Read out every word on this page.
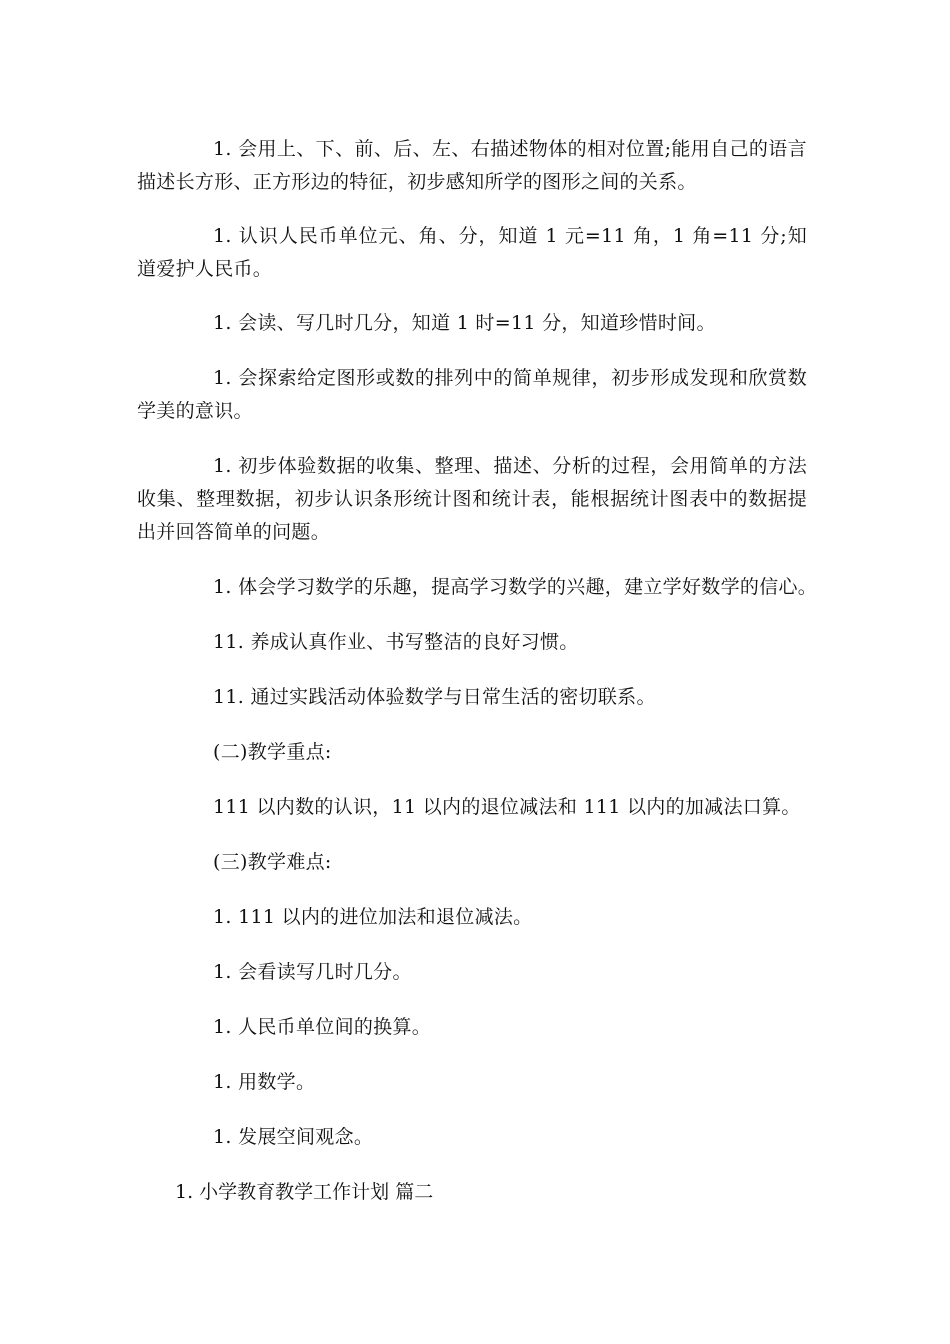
1. 会用上、下、前、后、左、右描述物体的相对位置;能用自己的语言描述长方形、正方形边的特征，初步感知所学的图形之间的关系。

1. 认识人民币单位元、角、分，知道 1 元=11 角，1 角=11 分;知道爱护人民币。

1. 会读、写几时几分，知道 1 时=11 分，知道珍惜时间。

1. 会探索给定图形或数的排列中的简单规律，初步形成发现和欣赏数学美的意识。

1. 初步体验数据的收集、整理、描述、分析的过程，会用简单的方法收集、整理数据，初步认识条形统计图和统计表，能根据统计图表中的数据提出并回答简单的问题。

1. 体会学习数学的乐趣，提高学习数学的兴趣，建立学好数学的信心。

11. 养成认真作业、书写整洁的良好习惯。

11. 通过实践活动体验数学与日常生活的密切联系。

(二)教学重点:

111 以内数的认识，11 以内的退位减法和 111 以内的加减法口算。

(三)教学难点:

1. 111 以内的进位加法和退位减法。

1. 会看读写几时几分。

1. 人民币单位间的换算。

1. 用数学。

1. 发展空间观念。

1. 小学教育教学工作计划 篇二
